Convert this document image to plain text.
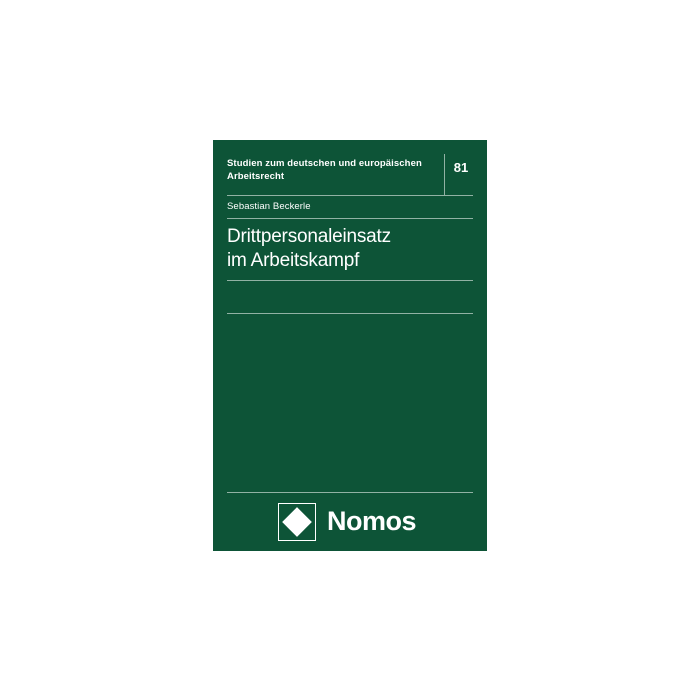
Studien zum deutschen und europäischen Arbeitsrecht
81
Sebastian Beckerle
Drittpersonaleinsatz
im Arbeitskampf
Nomos
